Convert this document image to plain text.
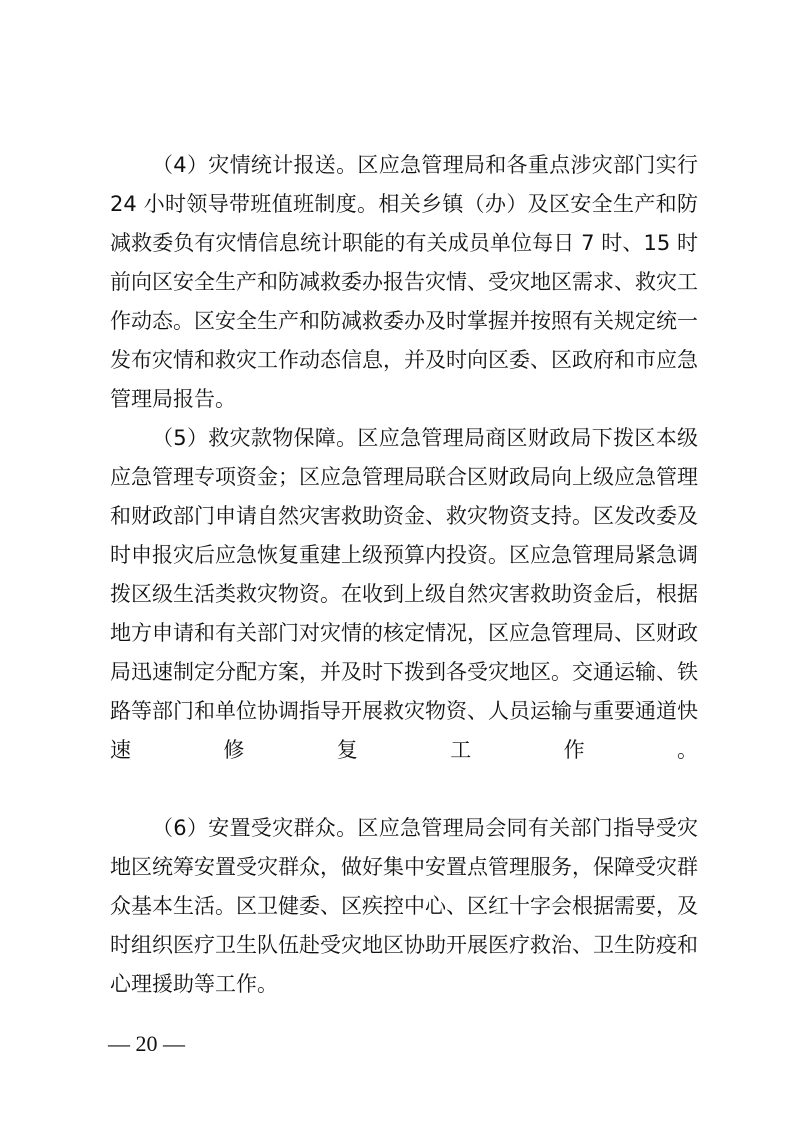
（4）灾情统计报送。区应急管理局和各重点涉灾部门实行
24 小时领导带班值班制度。相关乡镇（办）及区安全生产和防
减救委负有灾情信息统计职能的有关成员单位每日 7 时、15 时
前向区安全生产和防减救委办报告灾情、受灾地区需求、救灾工
作动态。区安全生产和防减救委办及时掌握并按照有关规定统一
发布灾情和救灾工作动态信息，并及时向区委、区政府和市应急
管理局报告。
（5）救灾款物保障。区应急管理局商区财政局下拨区本级
应急管理专项资金；区应急管理局联合区财政局向上级应急管理
和财政部门申请自然灾害救助资金、救灾物资支持。区发改委及
时申报灾后应急恢复重建上级预算内投资。区应急管理局紧急调
拨区级生活类救灾物资。在收到上级自然灾害救助资金后，根据
地方申请和有关部门对灾情的核定情况，区应急管理局、区财政
局迅速制定分配方案，并及时下拨到各受灾地区。交通运输、铁
路等部门和单位协调指导开展救灾物资、人员运输与重要通道快
速修复工作。
（6）安置受灾群众。区应急管理局会同有关部门指导受灾
地区统筹安置受灾群众，做好集中安置点管理服务，保障受灾群
众基本生活。区卫健委、区疾控中心、区红十字会根据需要，及
时组织医疗卫生队伍赴受灾地区协助开展医疗救治、卫生防疫和
心理援助等工作。
— 20 —
